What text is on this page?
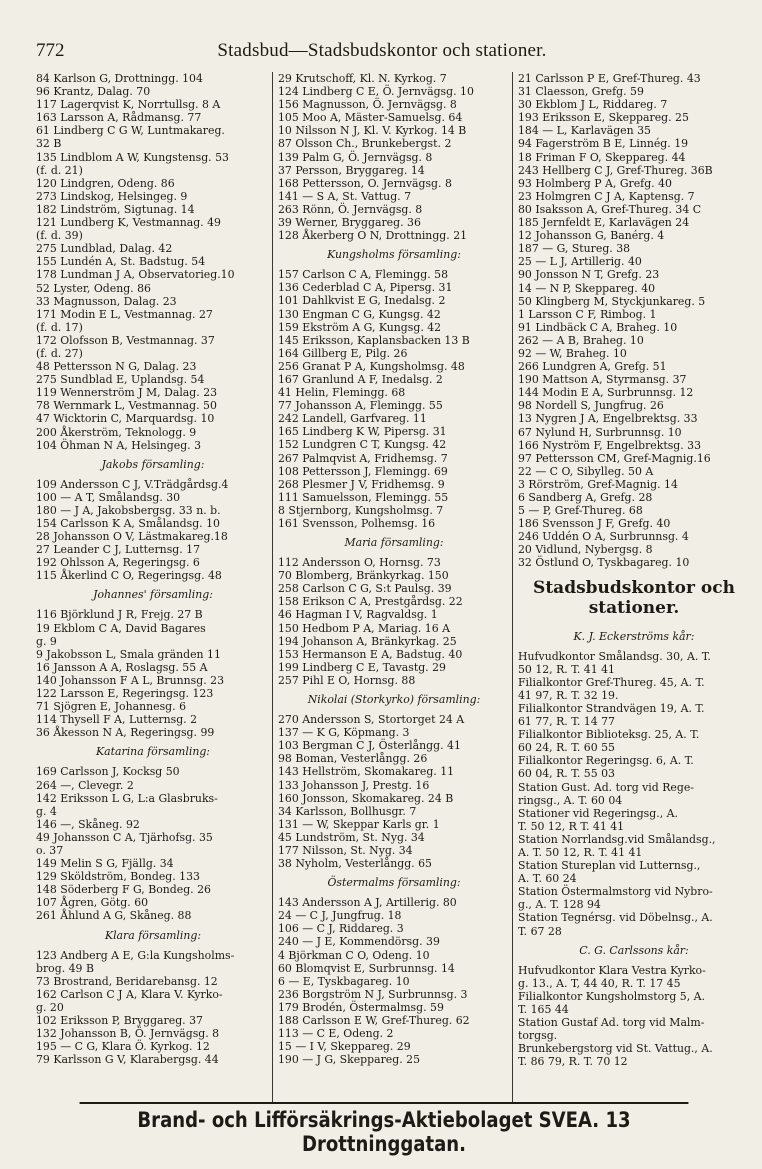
772	Stadsbud—Stadsbudskontor och stationer.
84 Karlson G, Drottningg. 104
96 Krantz, Dalag. 70
117 Lagerqvist K, Norrtullsg. 8 A
163 Larsson A, Rådmansg. 77
61 Lindberg C G W, Luntmakareg.
32 B
135 Lindblom A W, Kungstensg. 53
(f. d. 21)
120 Lindgren, Odeng. 86
273 Lindskog, Helsingeg. 9
182 Lindström, Sigtunag. 14
121 Lundberg K, Vestmannag. 49
(f. d. 39)
275 Lundblad, Dalag. 42
155 Lundén A, St. Badstug. 54
178 Lundman J A, Observatorieg.10
52 Lyster, Odeng. 86
33 Magnusson, Dalag. 23
171 Modin E L, Vestmannag. 27
(f. d. 17)
172 Olofsson B, Vestmannag. 37
(f. d. 27)
48 Pettersson N G, Dalag. 23
275 Sundblad E, Uplandsg. 54
119 Wennerström J M, Dalag. 23
78 Wernmark L, Vestmannag. 50
47 Wicktorin C, Marquardsg. 10
200 Åkerström, Teknologg. 9
104 Öhman N A, Helsingeg. 3
Jakobs församling:
109 Andersson C J, V.Trädgårdsg.4
100 — A T, Smålandsg. 30
180 — J A, Jakobsbergsg. 33 n. b.
154 Carlsson K A, Smålandsg. 10
28 Johansson O V, Lästmakareg.18
27 Leander C J, Lutternsg. 17
192 Ohlsson A, Regeringsg. 6
115 Åkerlind C O, Regeringsg. 48
Johannes' församling:
116 Björklund J R, Frejg. 27 B
19 Ekblom C A, David Bagares
g. 9
9 Jakobsson L, Smala gränden 11
16 Jansson A A, Roslagsg. 55 A
140 Johansson F A L, Brunnsg. 23
122 Larsson E, Regeringsg. 123
71 Sjögren E, Johannesg. 6
114 Thysell F A, Lutternsg. 2
36 Åkesson N A, Regeringsg. 99
Katarina församling:
169 Carlsson J, Kocksg 50
264 —, Clevegr. 2
142 Eriksson L G, L:a Glasbruks-
g. 4
146 —, Skåneg. 92
49 Johansson C A, Tjärhofsg. 35
o. 37
149 Melin S G, Fjällg. 34
129 Sköldström, Bondeg. 133
148 Söderberg F G, Bondeg. 26
107 Ågren, Götg. 60
261 Åhlund A G, Skåneg. 88
Klara församling:
123 Andberg A E, G:la Kungsholms-
brog. 49 B
73 Brostrand, Beridarebansg. 12
162 Carlson C J A, Klara V. Kyrko-
g. 20
102 Eriksson P, Bryggareg. 37
132 Johansson B, Ö. Jernvägsg. 8
195 — C G, Klara Ö. Kyrkog. 12
79 Karlsson G V, Klarabergsg. 44
29 Krutschoff, Kl. N. Kyrkog. 7
124 Lindberg C E, Ö. Jernvägsg. 10
156 Magnusson, Ö. Jernvägsg. 8
105 Moo A, Mäster-Samuelsg. 64
10 Nilsson N J, Kl. V. Kyrkog. 14 B
87 Olsson Ch., Brunkebergst. 2
139 Palm G, Ö. Jernvägsg. 8
37 Persson, Bryggareg. 14
168 Pettersson, O. Jernvägsg. 8
141 — S A, St. Vattug. 7
263 Rönn, Ö. Jernvägsg. 8
39 Werner, Bryggareg. 36
128 Åkerberg O N, Drottningg. 21
Kungsholms församling:
157 Carlson C A, Flemingg. 58
136 Cederblad C A, Pipersg. 31
101 Dahlkvist E G, Inedalsg. 2
130 Engman C G, Kungsg. 42
159 Ekström A G, Kungsg. 42
145 Eriksson, Kaplansbacken 13 B
164 Gillberg E, Pilg. 26
256 Granat P A, Kungsholmsg. 48
167 Granlund A F, Inedalsg. 2
41 Helin, Flemingg. 68
77 Johansson A, Flemingg. 55
242 Landell, Garfvareg. 11
165 Lindberg K W, Pipersg. 31
152 Lundgren C T, Kungsg. 42
267 Palmqvist A, Fridhemsg. 7
108 Pettersson J, Flemingg. 69
268 Plesmer J V, Fridhemsg. 9
111 Samuelsson, Flemingg. 55
8 Stjernborg, Kungsholmsg. 7
161 Svensson, Polhemsg. 16
Maria församling:
112 Andersson O, Hornsg. 73
70 Blomberg, Bränkyrkag. 150
258 Carlson C G, S:t Paulsg. 39
158 Erikson C A, Prestgårdsg. 22
46 Hagman I V, Ragvaldsg. 1
150 Hedbom P A, Mariag. 16 A
194 Johanson A, Bränkyrkag. 25
153 Hermanson E A, Badstug. 40
199 Lindberg C E, Tavastg. 29
257 Pihl E O, Hornsg. 88
Nikolai (Storkyrko) församling:
270 Andersson S, Stortorget 24 A
137 — K G, Köpmang. 3
103 Bergman C J, Österlångg. 41
98 Boman, Vesterlångg. 26
143 Hellström, Skomakareg. 11
133 Johansson J, Prestg. 16
160 Jonsson, Skomakareg. 24 B
34 Karlsson, Bollhusgr. 7
131 — W, Skeppar Karls gr. 1
45 Lundström, St. Nyg. 34
177 Nilsson, St. Nyg. 34
38 Nyholm, Vesterlångg. 65
Östermalms församling:
143 Andersson A J, Artillerig. 80
24 — C J, Jungfrug. 18
106 — C J, Riddareg. 3
240 — J E, Kommendörsg. 39
4 Björkman C O, Odeng. 10
60 Blomqvist E, Surbrunnsg. 14
6 — E, Tyskbagareg. 10
236 Borgström N J, Surbrunnsg. 3
179 Brodén, Östermalmsg. 59
188 Carlsson E W, Gref-Thureg. 62
113 — C E, Odeng. 2
15 — I V, Skeppareg. 29
190 — J G, Skeppareg. 25
21 Carlsson P E, Gref-Thureg. 43
31 Claesson, Grefg. 59
30 Ekblom J L, Riddareg. 7
193 Eriksson E, Skeppareg. 25
184 — L, Karlavägen 35
94 Fagerström B E, Linnég. 19
18 Friman F O, Skeppareg. 44
243 Hellberg C J, Gref-Thureg. 36B
93 Holmberg P A, Grefg. 40
23 Holmgren C J A, Kaptensg. 7
80 Isaksson A, Gref-Thureg. 34 C
185 Jernfeldt E, Karlavägen 24
12 Johansson G, Banérg. 4
187 — G, Stureg. 38
25 — L J, Artillerig. 40
90 Jonsson N T, Grefg. 23
14 — N P, Skeppareg. 40
50 Klingberg M, Styckjunkareg. 5
1 Larsson C F, Rimbog. 1
91 Lindbäck C A, Braheg. 10
262 — A B, Braheg. 10
92 — W, Braheg. 10
266 Lundgren A, Grefg. 51
190 Mattson A, Styrmansg. 37
144 Modin E A, Surbrunnsg. 12
98 Nordell S, Jungfrug. 26
13 Nygren J A, Engelbrektsg. 33
67 Nylund H, Surbrunnsg. 10
166 Nyström F, Engelbrektsg. 33
97 Pettersson CM, Gref-Magnig.16
22 — C O, Sibylleg. 50 A
3 Rörström, Gref-Magnig. 14
6 Sandberg A, Grefg. 28
5 — P, Gref-Thureg. 68
186 Svensson J F, Grefg. 40
246 Uddén O A, Surbrunnsg. 4
20 Vidlund, Nybergsg. 8
32 Östlund O, Tyskbagareg. 10
Stadsbudskontor och
stationer.
K. J. Eckerströms kår:
Hufvudkontor Smålandsg. 30, A. T.
50 12, R. T. 41 41
Filialkontor Gref-Thureg. 45, A. T.
41 97, R. T. 32 19.
Filialkontor Strandvägen 19, A. T.
61 77, R. T. 14 77
Filialkontor Biblioteksg. 25, A. T.
60 24, R. T. 60 55
Filialkontor Regeringsg. 6, A. T.
60 04, R. T. 55 03
Station Gust. Ad. torg vid Rege-
ringsg., A. T. 60 04
Stationer vid Regeringsg., A.
T. 50 12, R T. 41 41
Station Norrlandsg.vid Smålandsg.,
A. T. 50 12, R. T. 41 41
Station Stureplan vid Lutternsg.,
A. T. 60 24
Station Östermalmstorg vid Nybro-
g., A. T. 128 94
Station Tegnérsg. vid Döbelnsg., A.
T. 67 28
C. G. Carlssons kår:
Hufvudkontor Klara Vestra Kyrko-
g. 13., A. T, 44 40, R. T. 17 45
Filialkontor Kungsholmstorg 5, A.
T. 165 44
Station Gustaf Ad. torg vid Malm-
torgsg.
Brunkebergstorg vid St. Vattug., A.
T. 86 79, R. T. 70 12
Brand- och Lifförsäkrings-Aktiebolaget SVEA. 13 Drottninggatan.
